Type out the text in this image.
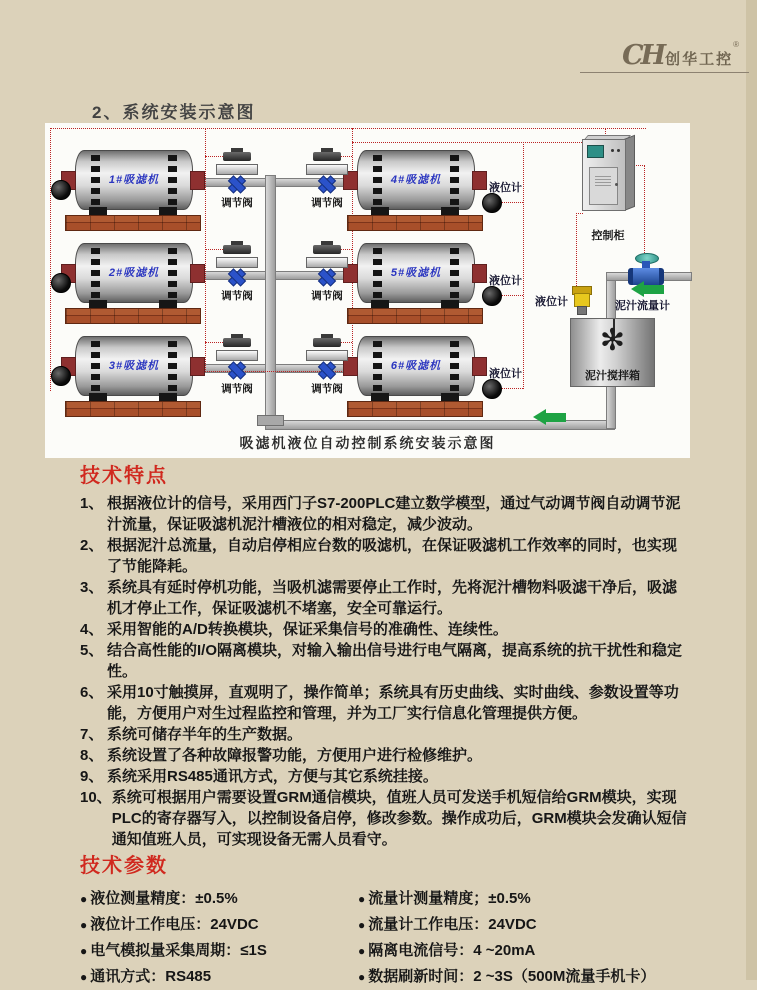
CH 创华工控®
2、系统安装示意图
1#吸滤机
2#吸滤机
3#吸滤机
4#吸滤机
5#吸滤机
6#吸滤机
液位计
液位计
液位计
调节阀	调节阀
调节阀	调节阀
调节阀	调节阀
控制柜
液位计	泥汁流量计
✻
泥汁搅拌箱
吸滤机液位自动控制系统安装示意图
技术特点
1、 根据液位计的信号，采用西门子S7-200PLC建立数学模型，通过气动调节阀自动调节泥汁流量，保证吸滤机泥汁槽液位的相对稳定，减少波动。
2、 根据泥汁总流量，自动启停相应台数的吸滤机，在保证吸滤机工作效率的同时，也实现了节能降耗。
3、 系统具有延时停机功能，当吸机滤需要停止工作时，先将泥汁槽物料吸滤干净后，吸滤机才停止工作，保证吸滤机不堵塞，安全可靠运行。
4、 采用智能的A/D转换模块，保证采集信号的准确性、连续性。
5、 结合高性能的I/O隔离模块，对输入输出信号进行电气隔离，提高系统的抗干扰性和稳定性。
6、 采用10寸触摸屏，直观明了，操作简单；系统具有历史曲线、实时曲线、参数设置等功能，方便用户对生过程监控和管理，并为工厂实行信息化管理提供方便。
7、 系统可储存半年的生产数据。
8、 系统设置了各种故障报警功能，方便用户进行检修维护。
9、 系统采用RS485通讯方式，方便与其它系统挂接。
10、 系统可根据用户需要设置GRM通信模块，值班人员可发送手机短信给GRM模块，实现PLC的寄存器写入，以控制设备启停，修改参数。操作成功后，GRM模块会发确认短信通知值班人员，可实现设备无需人员看守。
技术参数
● 液位测量精度：±0.5%
● 液位计工作电压：24VDC
● 电气模拟量采集周期：≤1S
● 通讯方式：RS485
● 流量计测量精度；±0.5%
● 流量计工作电压：24VDC
● 隔离电流信号：4 ~20mA
● 数据刷新时间：2 ~3S（500M流量手机卡）
